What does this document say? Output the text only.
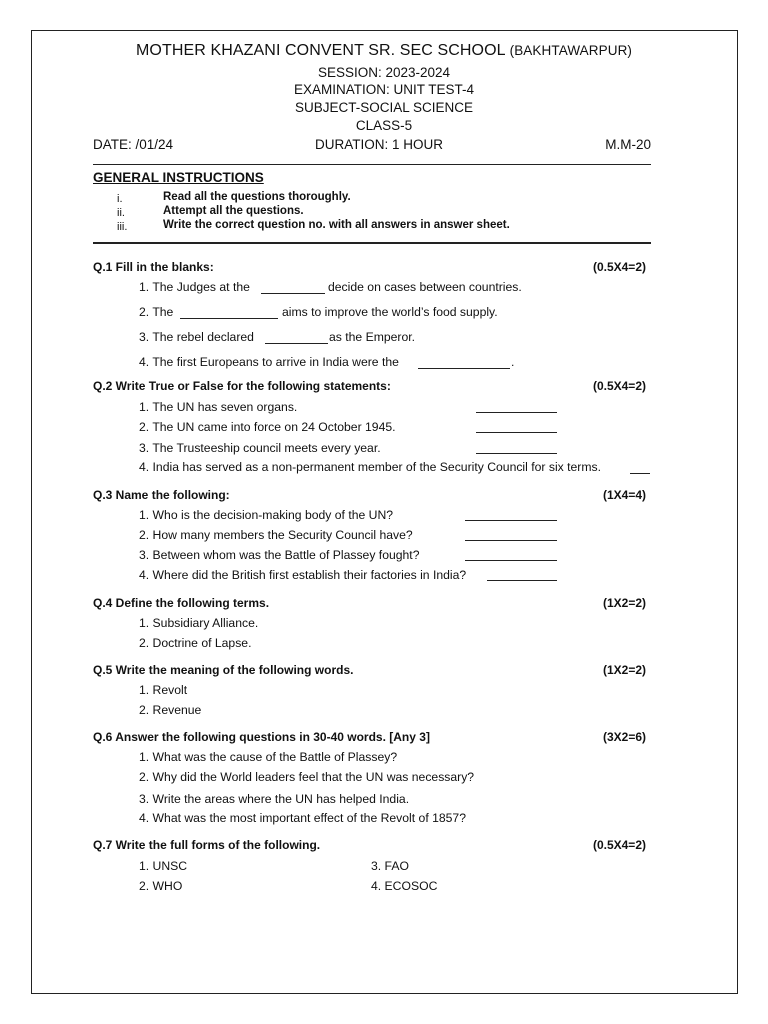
MOTHER KHAZANI CONVENT SR. SEC SCHOOL (BAKHTAWARPUR)
SESSION: 2023-2024
EXAMINATION: UNIT TEST-4
SUBJECT-SOCIAL SCIENCE
CLASS-5
DATE: /01/24	DURATION: 1 HOUR	M.M-20
GENERAL INSTRUCTIONS
i.	Read all the questions thoroughly.
ii.	Attempt all the questions.
iii.	Write the correct question no. with all answers in answer sheet.
Q.1 Fill in the blanks:	(0.5X4=2)
1. The Judges at the	decide on cases between countries.
2. The	aims to improve the world’s food supply.
3. The rebel declared	as the Emperor.
4. The first Europeans to arrive in India were the	.
Q.2 Write True or False for the following statements:	(0.5X4=2)
1. The UN has seven organs.
2. The UN came into force on 24 October 1945.
3. The Trusteeship council meets every year.
4. India has served as a non-permanent member of the Security Council for six terms.
Q.3 Name the following:	(1X4=4)
1. Who is the decision-making body of the UN?
2. How many members the Security Council have?
3. Between whom was the Battle of Plassey fought?
4. Where did the British first establish their factories in India?
Q.4 Define the following terms.	(1X2=2)
1. Subsidiary Alliance.
2. Doctrine of Lapse.
Q.5 Write the meaning of the following words.	(1X2=2)
1. Revolt
2. Revenue
Q.6 Answer the following questions in 30-40 words. [Any 3]	(3X2=6)
1. What was the cause of the Battle of Plassey?
2. Why did the World leaders feel that the UN was necessary?
3. Write the areas where the UN has helped India.
4. What was the most important effect of the Revolt of 1857?
Q.7 Write the full forms of the following.	(0.5X4=2)
1. UNSC	3. FAO
2. WHO	4. ECOSOC
